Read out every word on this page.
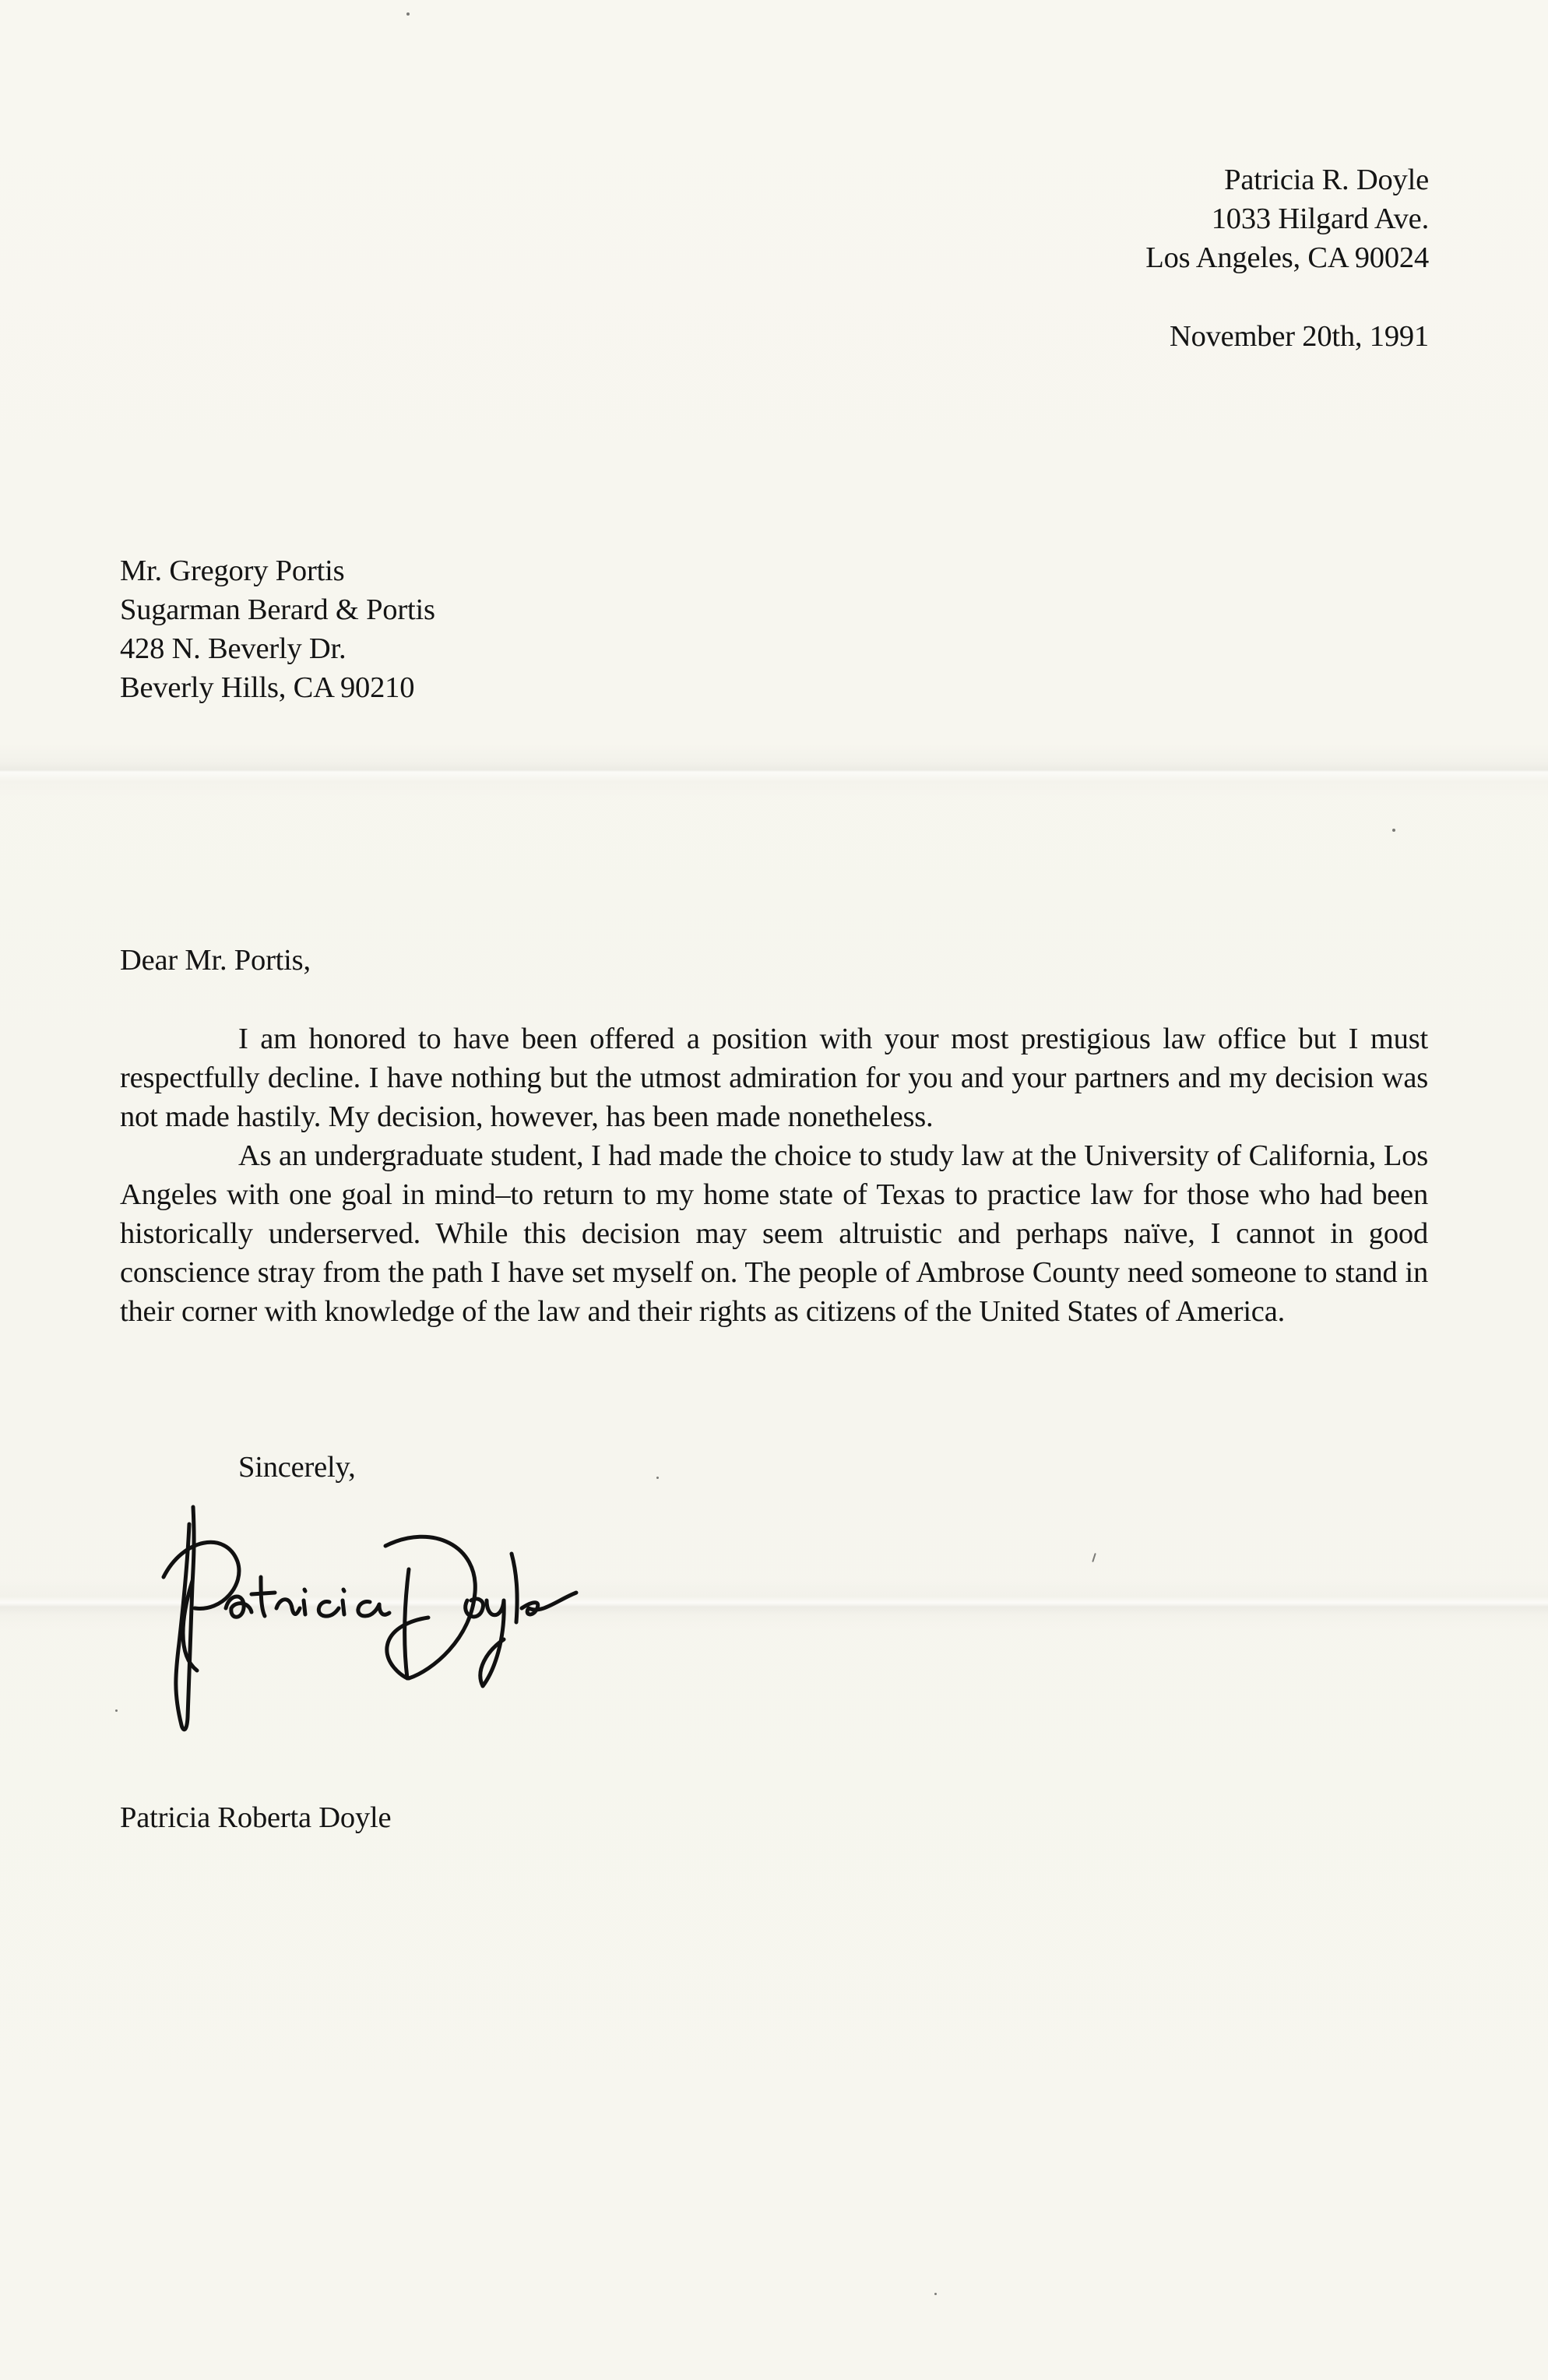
Patricia R. Doyle
1033 Hilgard Ave.
Los Angeles, CA 90024
November 20th, 1991
Mr. Gregory Portis
Sugarman Berard & Portis
428 N. Beverly Dr.
Beverly Hills, CA 90210
Dear Mr. Portis,

I am honored to have been offered a position with your most prestigious law office but I must respectfully decline. I have nothing but the utmost admiration for you and your partners and my decision was not made hastily. My decision, however, has been made nonetheless.

As an undergraduate student, I had made the choice to study law at the University of California, Los Angeles with one goal in mind–to return to my home state of Texas to practice law for those who had been historically underserved. While this decision may seem altruistic and perhaps naïve, I cannot in good conscience stray from the path I have set myself on. The people of Ambrose County need someone to stand in their corner with knowledge of the law and their rights as citizens of the United States of America.

Sincerely,
Patricia Roberta Doyle
